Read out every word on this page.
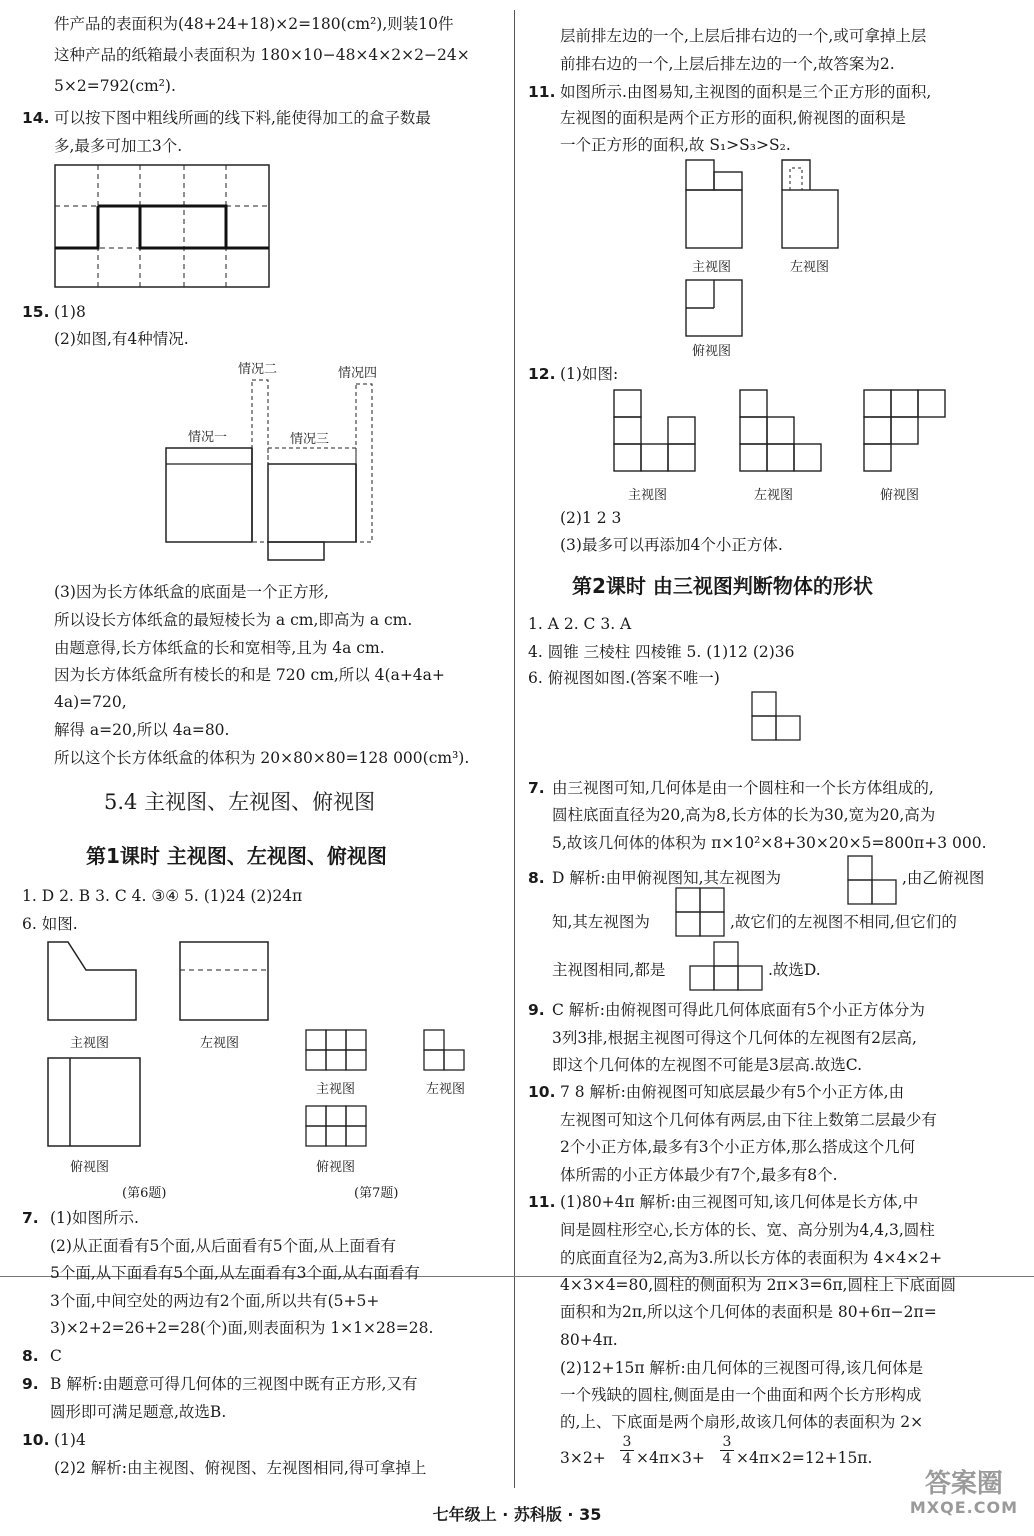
件产品的表面积为(48+24+18)×2=180(cm²),则装10件
这种产品的纸箱最小表面积为 180×10−48×4×2×2−24×
5×2=792(cm²).
14. 可以按下图中粗线所画的线下料,能使得加工的盒子数最
多,最多可加工3个.
15. (1)8
(2)如图,有4种情况.
情况二	情况四
情况一	情况三
(3)因为长方体纸盒的底面是一个正方形,
所以设长方体纸盒的最短棱长为 a cm,即高为 a cm.
由题意得,长方体纸盒的长和宽相等,且为 4a cm.
因为长方体纸盒所有棱长的和是 720 cm,所以 4(a+4a+
4a)=720,
解得 a=20,所以 4a=80.
所以这个长方体纸盒的体积为 20×80×80=128 000(cm³).
5.4 主视图、左视图、俯视图
第1课时 主视图、左视图、俯视图
1. D 2. B 3. C 4. ③④ 5. (1)24 (2)24π
6. 如图.
主视图	左视图
俯视图
(第6题)
主视图	左视图
俯视图
(第7题)
7. (1)如图所示.
(2)从正面看有5个面,从后面看有5个面,从上面看有
5个面,从下面看有5个面,从左面看有3个面,从右面看有
3个面,中间空处的两边有2个面,所以共有(5+5+
3)×2+2=26+2=28(个)面,则表面积为 1×1×28=28.
8. C
9. B 解析:由题意可得几何体的三视图中既有正方形,又有
圆形即可满足题意,故选B.
10. (1)4
(2)2 解析:由主视图、俯视图、左视图相同,得可拿掉上
层前排左边的一个,上层后排右边的一个,或可拿掉上层
前排右边的一个,上层后排左边的一个,故答案为2.
11. 如图所示.由图易知,主视图的面积是三个正方形的面积,
左视图的面积是两个正方形的面积,俯视图的面积是
一个正方形的面积,故 S₁>S₃>S₂.
主视图	左视图
俯视图
12. (1)如图:
主视图	左视图	俯视图
(2)1 2 3
(3)最多可以再添加4个小正方体.
第2课时 由三视图判断物体的形状
1. A 2. C 3. A
4. 圆锥 三棱柱 四棱锥 5. (1)12 (2)36
6. 俯视图如图.(答案不唯一)
7. 由三视图可知,几何体是由一个圆柱和一个长方体组成的,
圆柱底面直径为20,高为8,长方体的长为30,宽为20,高为
5,故该几何体的体积为 π×10²×8+30×20×5=800π+3 000.
8. D 解析:由甲俯视图知,其左视图为	,由乙俯视图
知,其左视图为	,故它们的左视图不相同,但它们的
主视图相同,都是	.故选D.
9. C 解析:由俯视图可得此几何体底面有5个小正方体分为
3列3排,根据主视图可得这个几何体的左视图有2层高,
即这个几何体的左视图不可能是3层高.故选C.
10. 7 8 解析:由俯视图可知底层最少有5个小正方体,由
左视图可知这个几何体有两层,由下往上数第二层最少有
2个小正方体,最多有3个小正方体,那么搭成这个几何
体所需的小正方体最少有7个,最多有8个.
11. (1)80+4π 解析:由三视图可知,该几何体是长方体,中
间是圆柱形空心,长方体的长、宽、高分别为4,4,3,圆柱
的底面直径为2,高为3.所以长方体的表面积为 4×4×2+
4×3×4=80,圆柱的侧面积为 2π×3=6π,圆柱上下底面圆
面积和为2π,所以这个几何体的表面积是 80+6π−2π=
80+4π.
(2)12+15π 解析:由几何体的三视图可得,该几何体是
一个残缺的圆柱,侧面是由一个曲面和两个长方形构成
的,上、下底面是两个扇形,故该几何体的表面积为 2×
$3\times 2+ \frac{3}{4} \times 4\pi\times 3+ \frac{3}{4} \times 4\pi\times 2=12+15\pi$.
七年级上 · 苏科版 · 35
答案圈
MXQE.COM
